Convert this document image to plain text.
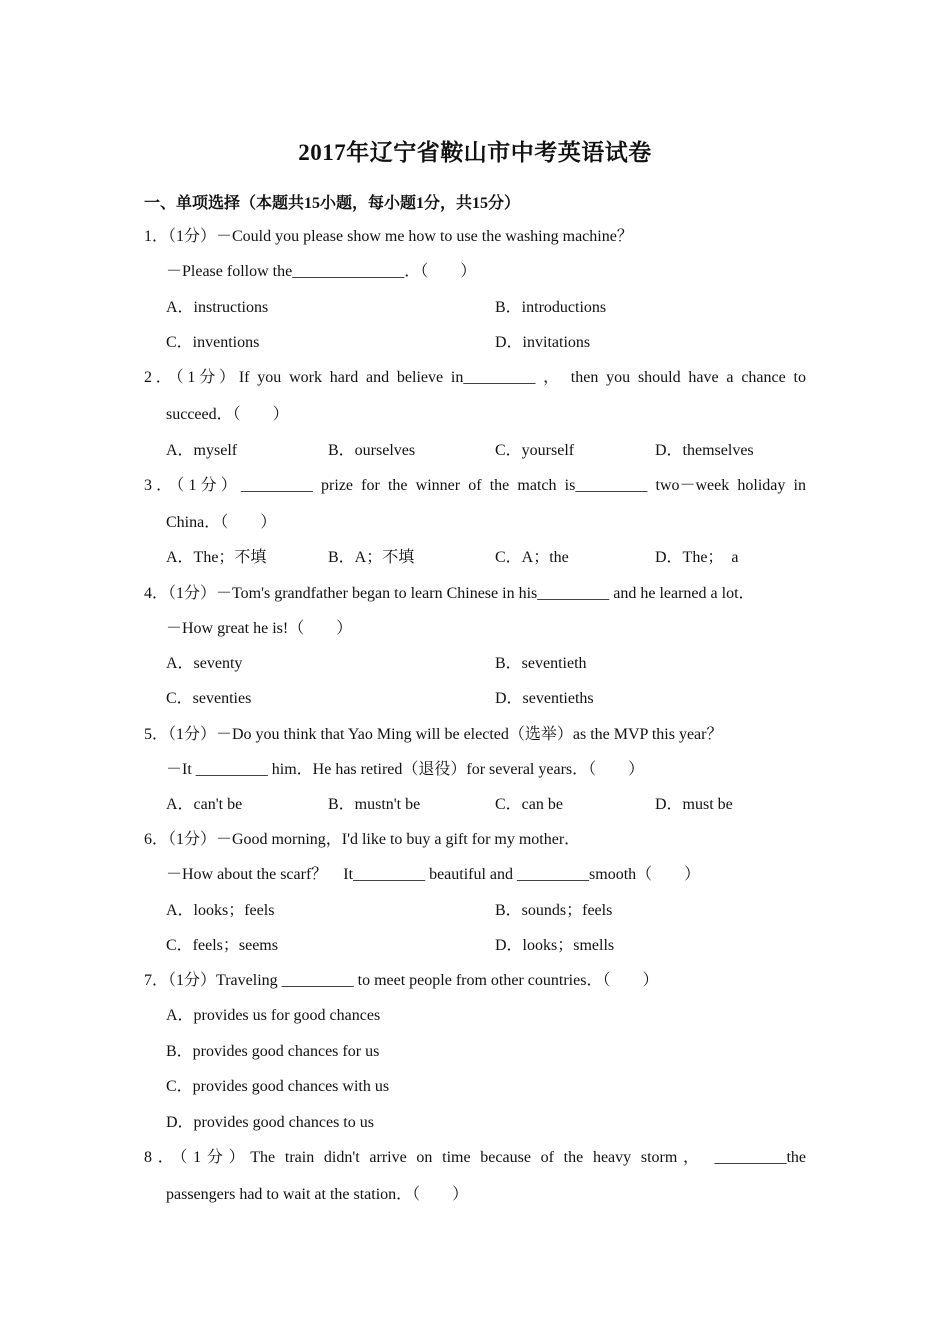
2017年辽宁省鞍山市中考英语试卷
一、单项选择（本题共15小题，每小题1分，共15分）
1．（1分）－Could you please show me how to use the washing machine？
－Please follow the______________．（　　）
A．instructions	B．introductions
C．inventions	D．invitations
2．（1分）If you work hard and believe in_________ ， then you should have a chance to
succeed．（　　）
A．myself	B．ourselves	C．yourself	D．themselves
3．（1分）_________ prize for the winner of the match is_________ two－week holiday in
China．（　　）
A．The；不填	B．A；不填	C．A；the	D．The；　a
4．（1分）－Tom's grandfather began to learn Chinese in his_________ and he learned a lot．
－How great he is!（　　）
A．seventy	B．seventieth
C．seventies	D．seventieths
5．（1分）－Do you think that Yao Ming will be elected（选举）as the MVP this year？
－It _________ him．He has retired（退役）for several years．（　　）
A．can't be	B．mustn't be	C．can be	D．must be
6．（1分）－Good morning，I'd like to buy a gift for my mother．
－How about the scarf？　It_________ beautiful and _________smooth（　　）
A．looks；feels	B．sounds；feels
C．feels；seems	D．looks；smells
7．（1分）Traveling _________ to meet people from other countries．（　　）
A．provides us for good chances
B．provides good chances for us
C．provides good chances with us
D．provides good chances to us
8．（1分）The train didn't arrive on time because of the heavy storm， _________the
passengers had to wait at the station．（　　）
